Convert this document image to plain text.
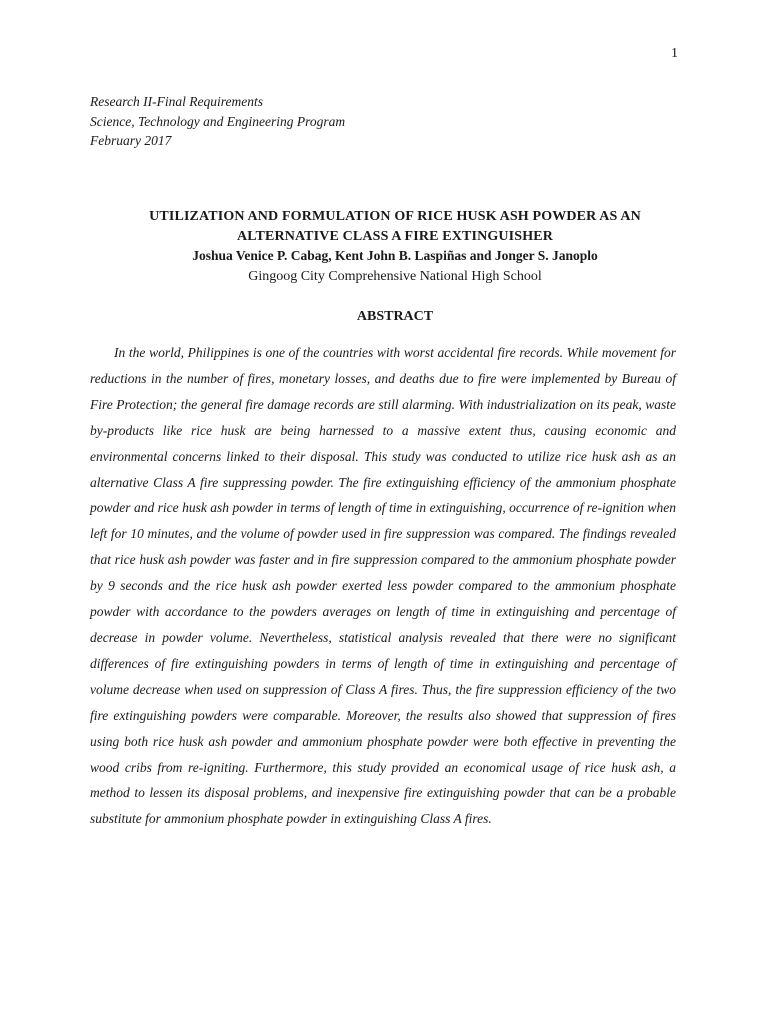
1
Research II-Final Requirements
Science, Technology and Engineering Program
February 2017
UTILIZATION AND FORMULATION OF RICE HUSK ASH POWDER AS AN
ALTERNATIVE CLASS A FIRE EXTINGUISHER
Joshua Venice P. Cabag, Kent John B. Laspiñas and Jonger S. Janoplo
Gingoog City Comprehensive National High School
ABSTRACT

In the world, Philippines is one of the countries with worst accidental fire records. While movement for reductions in the number of fires, monetary losses, and deaths due to fire were implemented by Bureau of Fire Protection; the general fire damage records are still alarming. With industrialization on its peak, waste by-products like rice husk are being harnessed to a massive extent thus, causing economic and environmental concerns linked to their disposal. This study was conducted to utilize rice husk ash as an alternative Class A fire suppressing powder. The fire extinguishing efficiency of the ammonium phosphate powder and rice husk ash powder in terms of length of time in extinguishing, occurrence of re-ignition when left for 10 minutes, and the volume of powder used in fire suppression was compared. The findings revealed that rice husk ash powder was faster and in fire suppression compared to the ammonium phosphate powder by 9 seconds and the rice husk ash powder exerted less powder compared to the ammonium phosphate powder with accordance to the powders averages on length of time in extinguishing and percentage of decrease in powder volume. Nevertheless, statistical analysis revealed that there were no significant differences of fire extinguishing powders in terms of length of time in extinguishing and percentage of volume decrease when used on suppression of Class A fires. Thus, the fire suppression efficiency of the two fire extinguishing powders were comparable. Moreover, the results also showed that suppression of fires using both rice husk ash powder and ammonium phosphate powder were both effective in preventing the wood cribs from re-igniting. Furthermore, this study provided an economical usage of rice husk ash, a method to lessen its disposal problems, and inexpensive fire extinguishing powder that can be a probable substitute for ammonium phosphate powder in extinguishing Class A fires.
